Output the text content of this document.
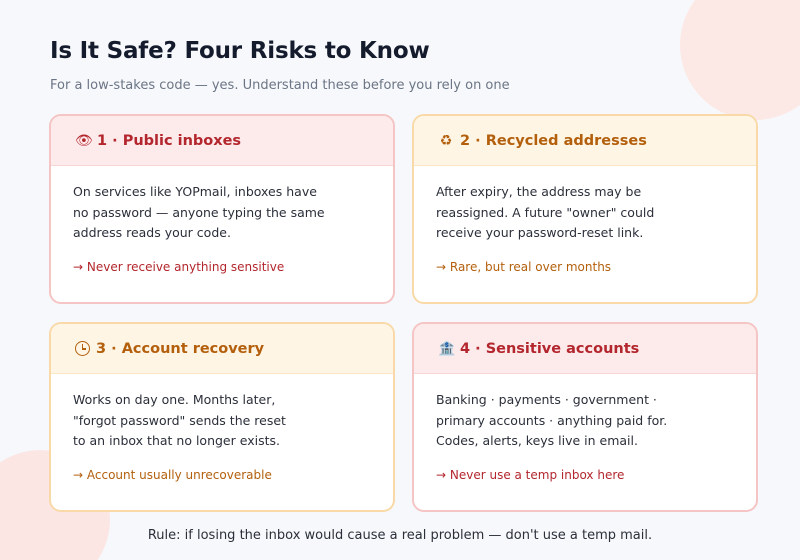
Is It Safe? Four Risks to Know

For a low-stakes code — yes. Understand these before you rely on one

👁 1 · Public inboxes
On services like YOPmail, inboxes have
no password — anyone typing the same
address reads your code.
→ Never receive anything sensitive
♻ 2 · Recycled addresses
After expiry, the address may be
reassigned. A future "owner" could
receive your password-reset link.
→ Rare, but real over months
3 · Account recovery
Works on day one. Months later,
"forgot password" sends the reset
to an inbox that no longer exists.
→ Account usually unrecoverable
🏦 4 · Sensitive accounts
Banking · payments · government ·
primary accounts · anything paid for.
Codes, alerts, keys live in email.
→ Never use a temp inbox here

Rule: if losing the inbox would cause a real problem — don't use a temp mail.
